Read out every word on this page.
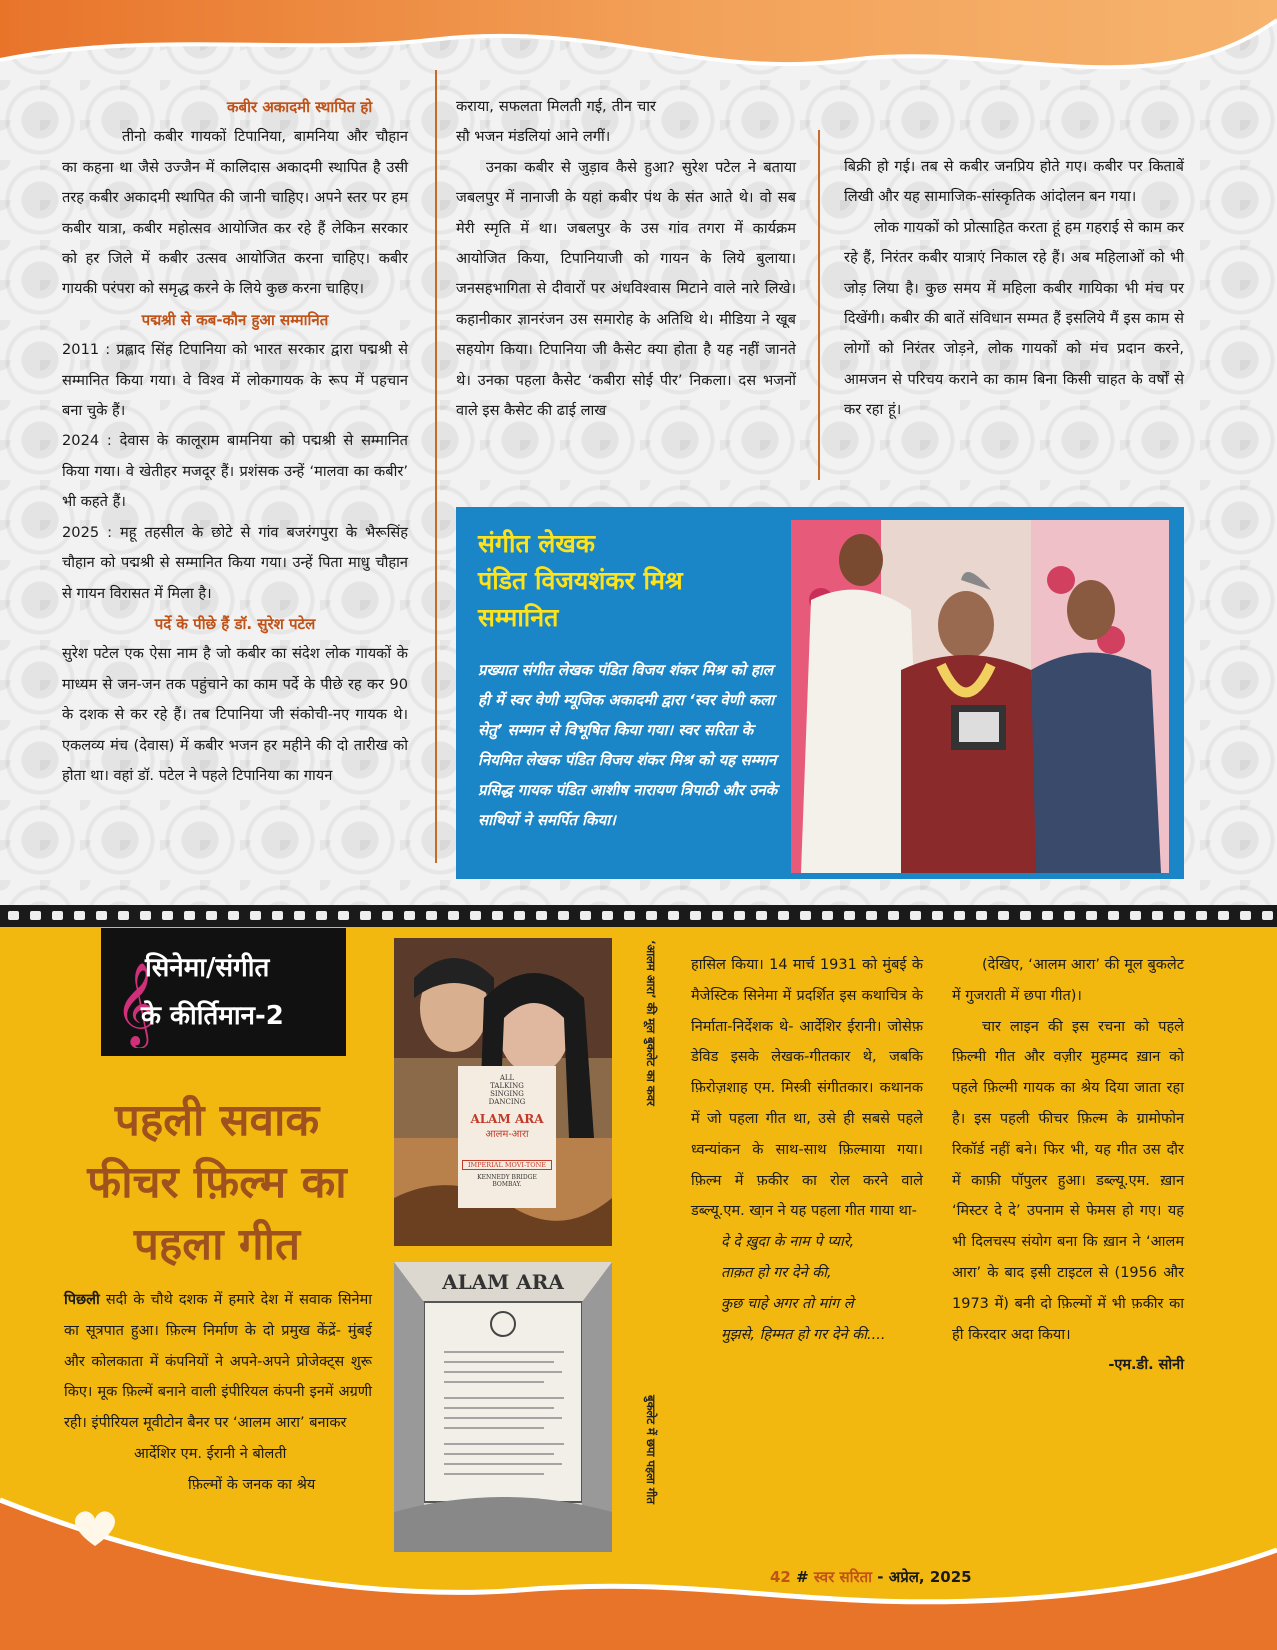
कबीर अकादमी स्थापित हो

तीनो कबीर गायकों टिपानिया, बामनिया और चौहान का कहना था जैसे उज्जैन में कालिदास अकादमी स्थापित है उसी तरह कबीर अकादमी स्थापित की जानी चाहिए। अपने स्तर पर हम कबीर यात्रा, कबीर महोत्सव आयोजित कर रहे हैं लेकिन सरकार को हर जिले में कबीर उत्सव आयोजित करना चाहिए। कबीर गायकी परंपरा को समृद्ध करने के लिये कुछ करना चाहिए।

पद्मश्री से कब-कौन हुआ सम्मानित

2011 : प्रह्लाद सिंह टिपानिया को भारत सरकार द्वारा पद्मश्री से सम्मानित किया गया। वे विश्व में लोकगायक के रूप में पहचान बना चुके हैं।

2024 : देवास के कालूराम बामनिया को पद्मश्री से सम्मानित किया गया। वे खेतीहर मजदूर हैं। प्रशंसक उन्हें ‘मालवा का कबीर’ भी कहते हैं।

2025 : महू तहसील के छोटे से गांव बजरंगपुरा के भैरूसिंह चौहान को पद्मश्री से सम्मानित किया गया। उन्हें पिता माधु चौहान से गायन विरासत में मिला है।

पर्दे के पीछे हैं डॉ. सुरेश पटेल

सुरेश पटेल एक ऐसा नाम है जो कबीर का संदेश लोक गायकों के माध्यम से जन-जन तक पहुंचाने का काम पर्दे के पीछे रह कर 90 के दशक से कर रहे हैं। तब टिपानिया जी संकोची-नए गायक थे। एकलव्य मंच (देवास) में कबीर भजन हर महीने की दो तारीख को होता था। वहां डॉ. पटेल ने पहले टिपानिया का गायन

कराया, सफलता मिलती गई, तीन चार सौ भजन मंडलियां आने लगीं।

उनका कबीर से जुड़ाव कैसे हुआ? सुरेश पटेल ने बताया जबलपुर में नानाजी के यहां कबीर पंथ के संत आते थे। वो सब मेरी स्मृति में था। जबलपुर के उस गांव तगरा में कार्यक्रम आयोजित किया, टिपानियाजी को गायन के लिये बुलाया। जनसहभागिता से दीवारों पर अंधविश्वास मिटाने वाले नारे लिखे। कहानीकार ज्ञानरंजन उस समारोह के अतिथि थे। मीडिया ने खूब सहयोग किया। टिपानिया जी कैसेट क्या होता है यह नहीं जानते थे। उनका पहला कैसेट ‘कबीरा सोई पीर’ निकला। दस भजनों वाले इस कैसेट की ढाई लाख

बिक्री हो गई। तब से कबीर जनप्रिय होते गए। कबीर पर किताबें लिखी और यह सामाजिक-सांस्कृतिक आंदोलन बन गया।

लोक गायकों को प्रोत्साहित करता हूं हम गहराई से काम कर रहे हैं, निरंतर कबीर यात्राएं निकाल रहे हैं। अब महिलाओं को भी जोड़ लिया है। कुछ समय में महिला कबीर गायिका भी मंच पर दिखेंगी। कबीर की बातें संविधान सम्मत हैं इसलिये मैं इस काम से लोगों को निरंतर जोड़ने, लोक गायकों को मंच प्रदान करने, आमजन से परिचय कराने का काम बिना किसी चाहत के वर्षों से कर रहा हूं।

संगीत लेखक
पंडित विजयशंकर मिश्र
सम्मानित
प्रख्यात संगीत लेखक पंडित विजय शंकर मिश्र को हाल ही में स्वर वेणी म्यूजिक अकादमी द्वारा ‘स्वर वेणी कला सेतु’ सम्मान से विभूषित किया गया। स्वर सरिता के नियमित लेखक पंडित विजय शंकर मिश्र को यह सम्मान प्रसिद्ध गायक पंडित आशीष नारायण त्रिपाठी और उनके साथियों ने समर्पित किया।
𝄞
सिनेमा/संगीत
के कीर्तिमान-2
पहली सवाक
फीचर फ़िल्म का
पहला गीत

पिछली सदी के चौथे दशक में हमारे देश में सवाक सिनेमा का सूत्रपात हुआ। फ़िल्म निर्माण के दो प्रमुख केंद्रें- मुंबई और कोलकाता में कंपनियों ने अपने-अपने प्रोजेक्ट्स शुरू किए। मूक फ़िल्में बनाने वाली इंपीरियल कंपनी इनमें अग्रणी रही। इंपीरियल मूवीटोन बैनर पर ‘आलम आरा’ बनाकर

आर्देशिर एम. ईरानी ने बोलती

फ़िल्मों के जनक का श्रेय

ALL
TALKING
SINGING
DANCING
ALAM ARA
आलम-आरा
IMPERIAL MOVI-TONE
KENNEDY BRIDGE
BOMBAY.
‘आलम आरा’ की मूल बुकलेट का कवर
ALAM ARA
बुकलेट में छपा पहला गीत

हासिल किया। 14 मार्च 1931 को मुंबई के मैजेस्टिक सिनेमा में प्रदर्शित इस कथाचित्र के निर्माता-निर्देशक थे- आर्देशिर ईरानी। जोसेफ़ डेविड इसके लेखक-गीतकार थे, जबकि फ़िरोज़शाह एम. मिस्त्री संगीतकार। कथानक में जो पहला गीत था, उसे ही सबसे पहले ध्वन्यांकन के साथ-साथ फ़िल्माया गया। फ़िल्म में फ़कीर का रोल करने वाले डब्ल्यू.एम. खा़न ने यह पहला गीत गाया था-

दे दे ख़ुदा के नाम पे प्यारे,
ताक़त हो गर देने की,
कुछ चाहे अगर तो मांग ले
मुझसे, हिम्मत हो गर देने की....

(देखिए, ‘आलम आरा’ की मूल बुकलेट में गुजराती में छपा गीत)।

चार लाइन की इस रचना को पहले फ़िल्मी गीत और वज़ीर मुहम्मद ख़ान को पहले फ़िल्मी गायक का श्रेय दिया जाता रहा है। इस पहली फीचर फ़िल्म के ग्रामोफोन रिकॉर्ड नहीं बने। फिर भी, यह गीत उस दौर में काफ़ी पॉपुलर हुआ। डब्ल्यू.एम. ख़ान ‘मिस्टर दे दे’ उपनाम से फेमस हो गए। यह भी दिलचस्प संयोग बना कि ख़ान ने ‘आलम आरा’ के बाद इसी टाइटल से (1956 और 1973 में) बनी दो फ़िल्मों में भी फ़कीर का ही किरदार अदा किया।

-एम.डी. सोनी
42 # स्वर सरिता - अप्रेल, 2025
